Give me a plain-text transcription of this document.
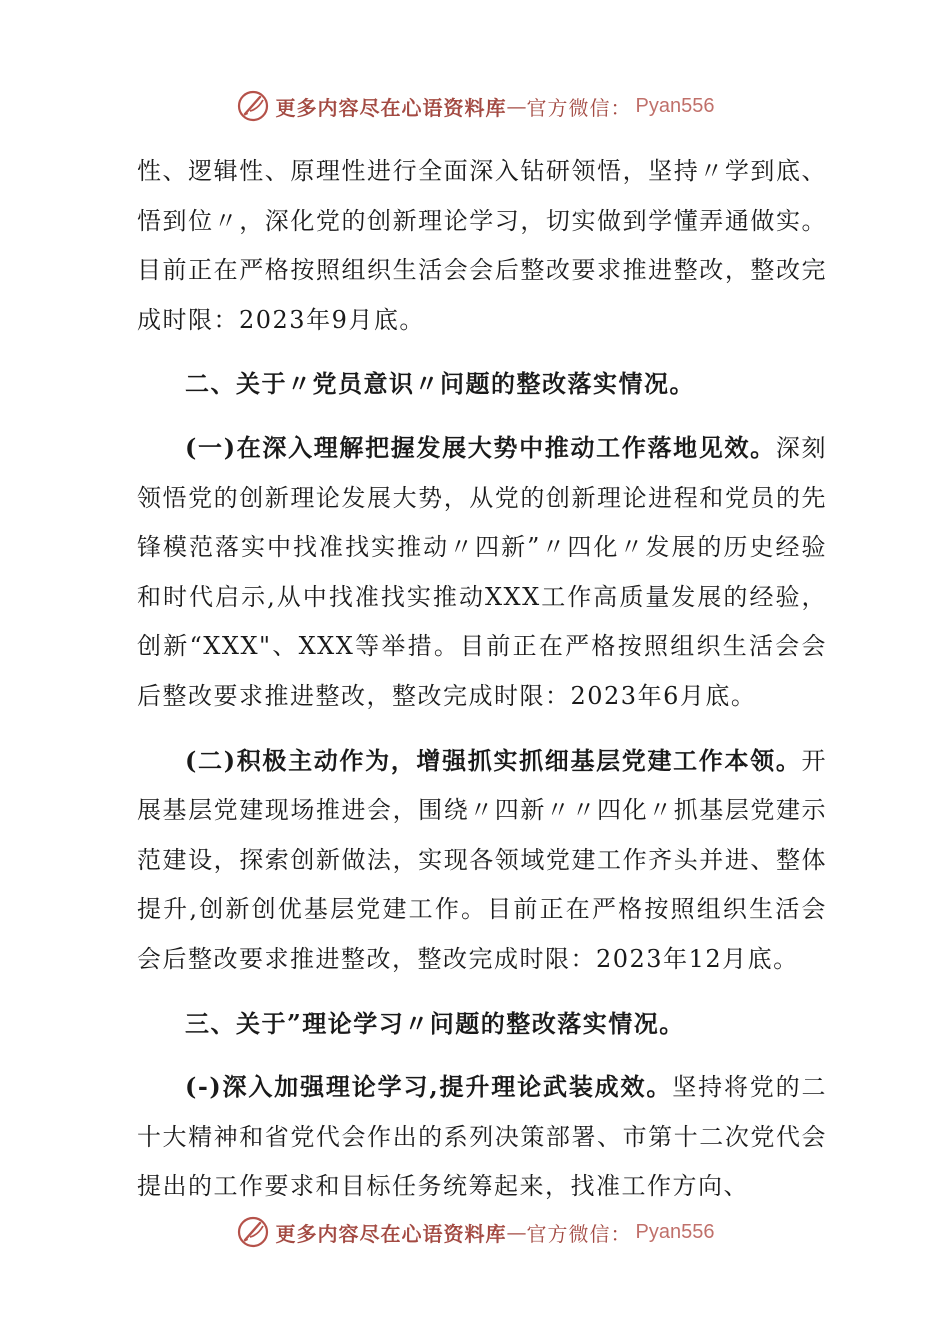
更多内容尽在心语资料库 — 官方微信： Pyan556

性、逻辑性、原理性进行全面深入钻研领悟，坚持〃学到底、悟到位〃，深化党的创新理论学习，切实做到学懂弄通做实。目前正在严格按照组织生活会会后整改要求推进整改，整改完成时限：2023年9月底。

二、关于〃党员意识〃问题的整改落实情况。

(一)在深入理解把握发展大势中推动工作落地见效。深刻领悟党的创新理论发展大势，从党的创新理论进程和党员的先锋模范落实中找准找实推动〃四新”〃四化〃发展的历史经验和时代启示,从中找准找实推动XXX工作高质量发展的经验，创新“XXX"、XXX等举措。目前正在严格按照组织生活会会后整改要求推进整改，整改完成时限：2023年6月底。

(二)积极主动作为，增强抓实抓细基层党建工作本领。开展基层党建现场推进会，围绕〃四新〃〃四化〃抓基层党建示范建设，探索创新做法，实现各领域党建工作齐头并进、整体提升,创新创优基层党建工作。目前正在严格按照组织生活会会后整改要求推进整改，整改完成时限：2023年12月底。

三、关于”理论学习〃问题的整改落实情况。

(-)深入加强理论学习,提升理论武装成效。坚持将党的二十大精神和省党代会作出的系列决策部署、市第十二次党代会提出的工作要求和目标任务统筹起来，找准工作方向、

更多内容尽在心语资料库 — 官方微信： Pyan556
